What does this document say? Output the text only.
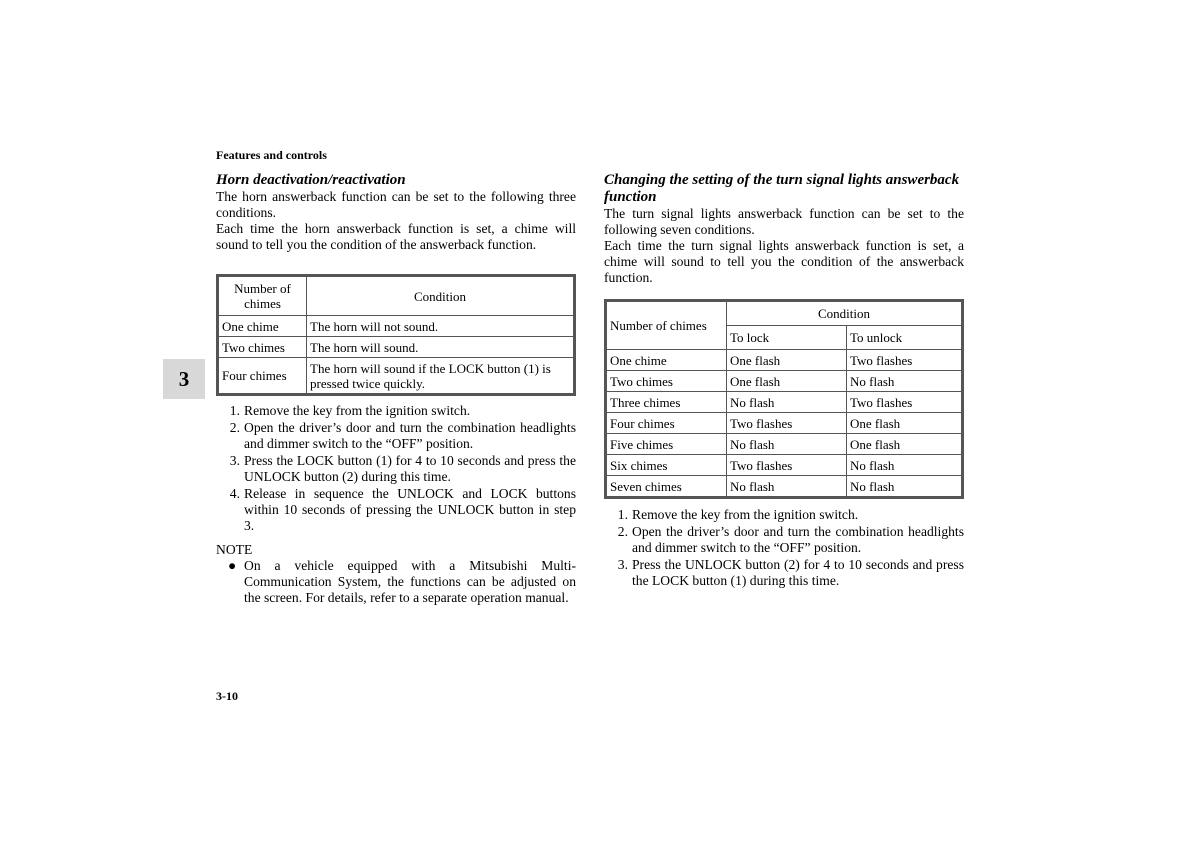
Features and controls
3
3-10
Horn deactivation/reactivation

The horn answerback function can be set to the following three conditions.

Each time the horn answerback function is set, a chime will sound to tell you the condition of the answerback function.

Number of chimes	Condition
One chime	The horn will not sound.
Two chimes	The horn will sound.
Four chimes	The horn will sound if the LOCK button (1) is pressed twice quickly.
1. Remove the key from the ignition switch.
2. Open the driver’s door and turn the combination headlights and dimmer switch to the “OFF” position.
3. Press the LOCK button (1) for 4 to 10 seconds and press the UNLOCK button (2) during this time.
4. Release in sequence the UNLOCK and LOCK buttons within 10 seconds of pressing the UNLOCK button in step 3.
NOTE
● On a vehicle equipped with a Mitsubishi Multi-Communication System, the functions can be adjusted on the screen. For details, refer to a separate operation manual.
Changing the setting of the turn signal lights answerback function

The turn signal lights answerback function can be set to the following seven conditions.

Each time the turn signal lights answerback function is set, a chime will sound to tell you the condition of the answerback function.

Number of chimes	Condition	
	To lock	To unlock
One chime	One flash	Two flashes
Two chimes	One flash	No flash
Three chimes	No flash	Two flashes
Four chimes	Two flashes	One flash
Five chimes	No flash	One flash
Six chimes	Two flashes	No flash
Seven chimes	No flash	No flash
1. Remove the key from the ignition switch.
2. Open the driver’s door and turn the combination headlights and dimmer switch to the “OFF” position.
3. Press the UNLOCK button (2) for 4 to 10 seconds and press the LOCK button (1) during this time.
